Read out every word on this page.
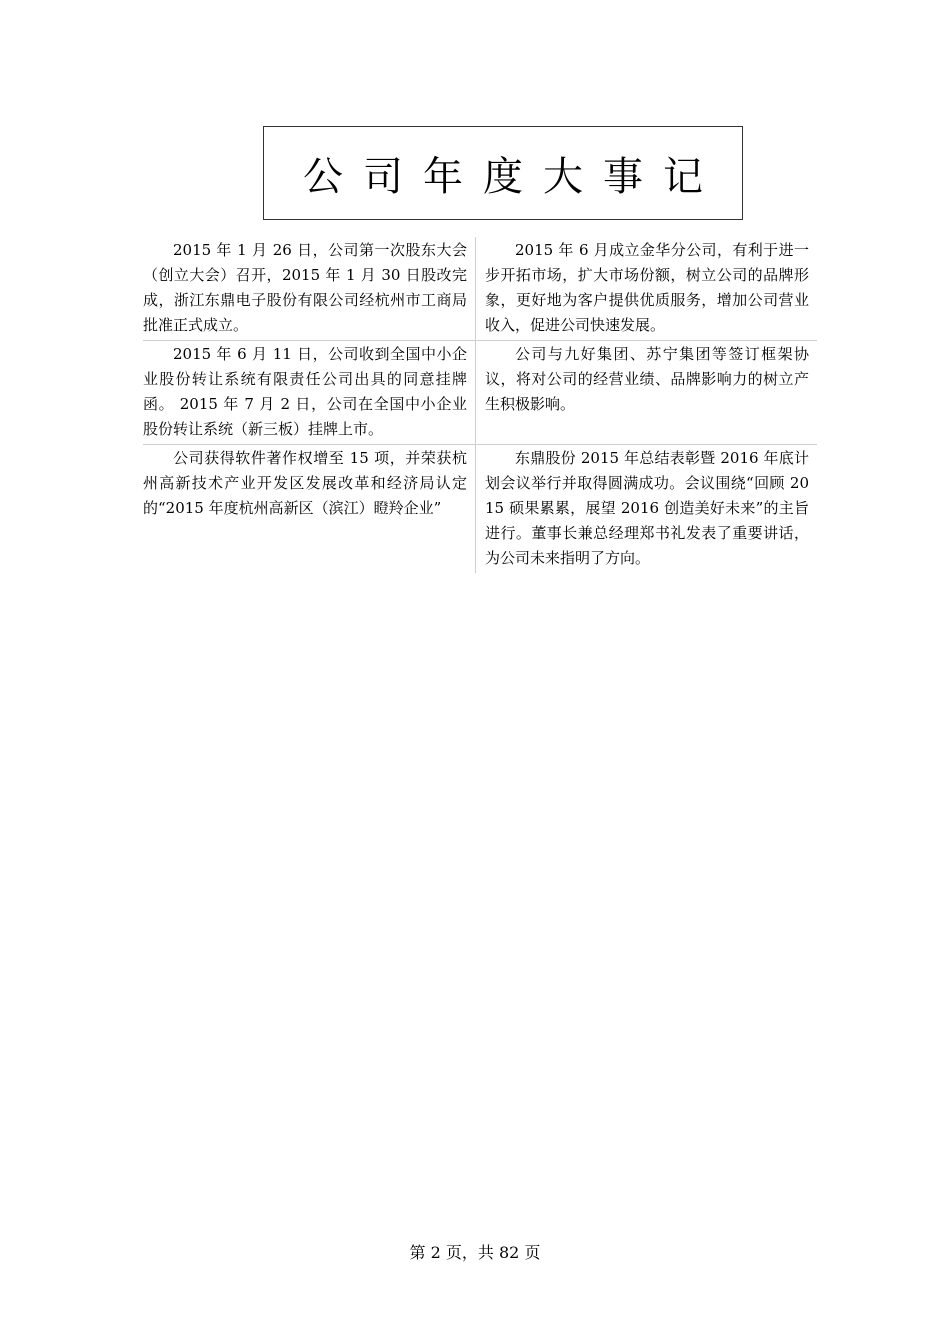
公司年度大事记
2015 年 1 月 26 日，公司第一次股东大会（创立大会）召开，2015 年 1 月 30 日股改完成，浙江东鼎电子股份有限公司经杭州市工商局批准正式成立。
2015 年 6 月成立金华分公司，有利于进一步开拓市场，扩大市场份额，树立公司的品牌形象，更好地为客户提供优质服务，增加公司营业收入，促进公司快速发展。
2015 年 6 月 11 日，公司收到全国中小企业股份转让系统有限责任公司出具的同意挂牌函。 2015 年 7 月 2 日，公司在全国中小企业股份转让系统（新三板）挂牌上市。
公司与九好集团、苏宁集团等签订框架协议，将对公司的经营业绩、品牌影响力的树立产生积极影响。
公司获得软件著作权增至 15 项，并荣获杭州高新技术产业开发区发展改革和经济局认定的“2015 年度杭州高新区（滨江）瞪羚企业”
东鼎股份 2015 年总结表彰暨 2016 年底计划会议举行并取得圆满成功。会议围绕“回顾 2015 硕果累累，展望 2016 创造美好未来”的主旨进行。董事长兼总经理郑书礼发表了重要讲话，为公司未来指明了方向。
第 2 页，共 82 页
